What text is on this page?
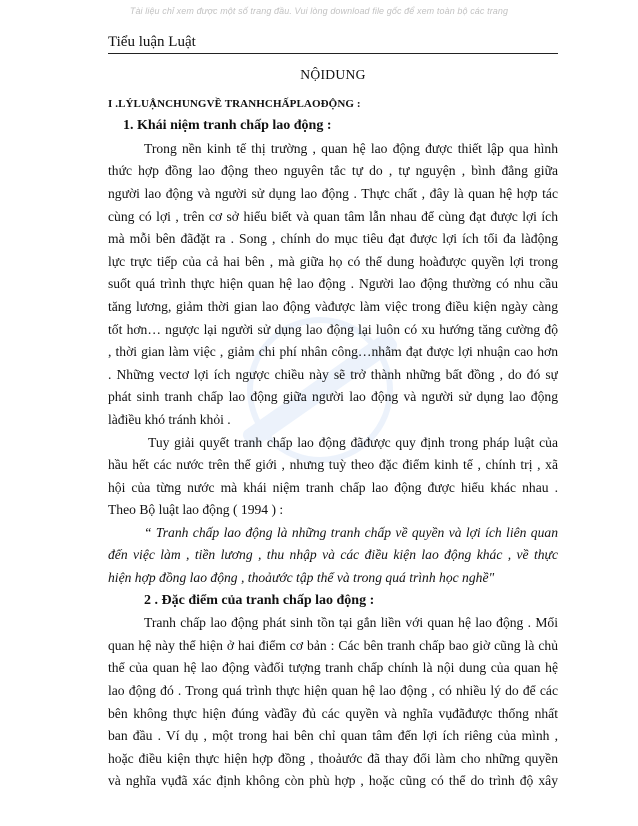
Tài liệu chỉ xem được một số trang đầu. Vui lòng download file gốc để xem toàn bộ các trang
Tiểu luận Luật
NỘIDUNG
I .LÝLUẬNCHUNGVỀ TRANHCHẤPLAOĐỘNG :
1. Khái niệm tranh chấp lao động :
Trong nền kinh tế thị trường , quan hệ lao động được thiết lập qua hình
thức hợp đồng lao động theo nguyên tắc tự do , tự nguyện , bình đẳng giữa
người lao động và người sử dụng lao động . Thực chất , đây là quan hệ hợp tác
cùng có lợi , trên cơ sở hiểu biết và quan tâm lẫn nhau để cùng đạt được lợi ích
mà mỗi bên đãđặt ra . Song , chính do mục tiêu đạt được lợi ích tối đa làđộng
lực trực tiếp của cả hai bên , mà giữa họ có thể dung hoàđược quyền lợi trong
suốt quá trình thực hiện quan hệ lao động . Người lao động thường có nhu cầu
tăng lương, giảm thời gian lao động vàđược làm việc trong điều kiện ngày càng
tốt hơn… ngược lại người sử dụng lao động lại luôn có xu hướng tăng cường độ
, thời gian làm việc , giảm chi phí nhân công…nhằm đạt được lợi nhuận cao hơn
. Những vectơ lợi ích ngược chiều này sẽ trở thành những bất đồng , do đó sự
phát sinh tranh chấp lao động giữa người lao động và người sử dụng lao động
làđiều khó tránh khỏi .
Tuy giải quyết tranh chấp lao động đãđược quy định trong pháp luật của
hầu hết các nước trên thế giới , nhưng tuỳ theo đặc điểm kinh tế , chính trị , xã
hội của từng nước mà khái niệm tranh chấp lao động được hiểu khác nhau .
Theo Bộ luật lao động ( 1994 ) :
“ Tranh chấp lao động là những tranh chấp về quyền và lợi ích liên quan
đến việc làm , tiền lương , thu nhập và các điều kiện lao động khác , về thực
hiện hợp đồng lao động , thoảước tập thể và trong quá trình học nghề"
2 . Đặc điểm của tranh chấp lao động :
Tranh chấp lao động phát sinh tồn tại gắn liền với quan hệ lao động . Mối
quan hệ này thể hiện ở hai điểm cơ bản : Các bên tranh chấp bao giờ cũng là chủ
thể của quan hệ lao động vàđối tượng tranh chấp chính là nội dung của quan hệ
lao động đó . Trong quá trình thực hiện quan hệ lao động , có nhiều lý do để các
bên không thực hiện đúng vàđầy đủ các quyền và nghĩa vụđãđược thống nhất
ban đầu . Ví dụ , một trong hai bên chỉ quan tâm đến lợi ích riêng của mình ,
hoặc điều kiện thực hiện hợp đồng , thoảước đã thay đổi làm cho những quyền
và nghĩa vụđã xác định không còn phù hợp , hoặc cũng có thể do trình độ xây
